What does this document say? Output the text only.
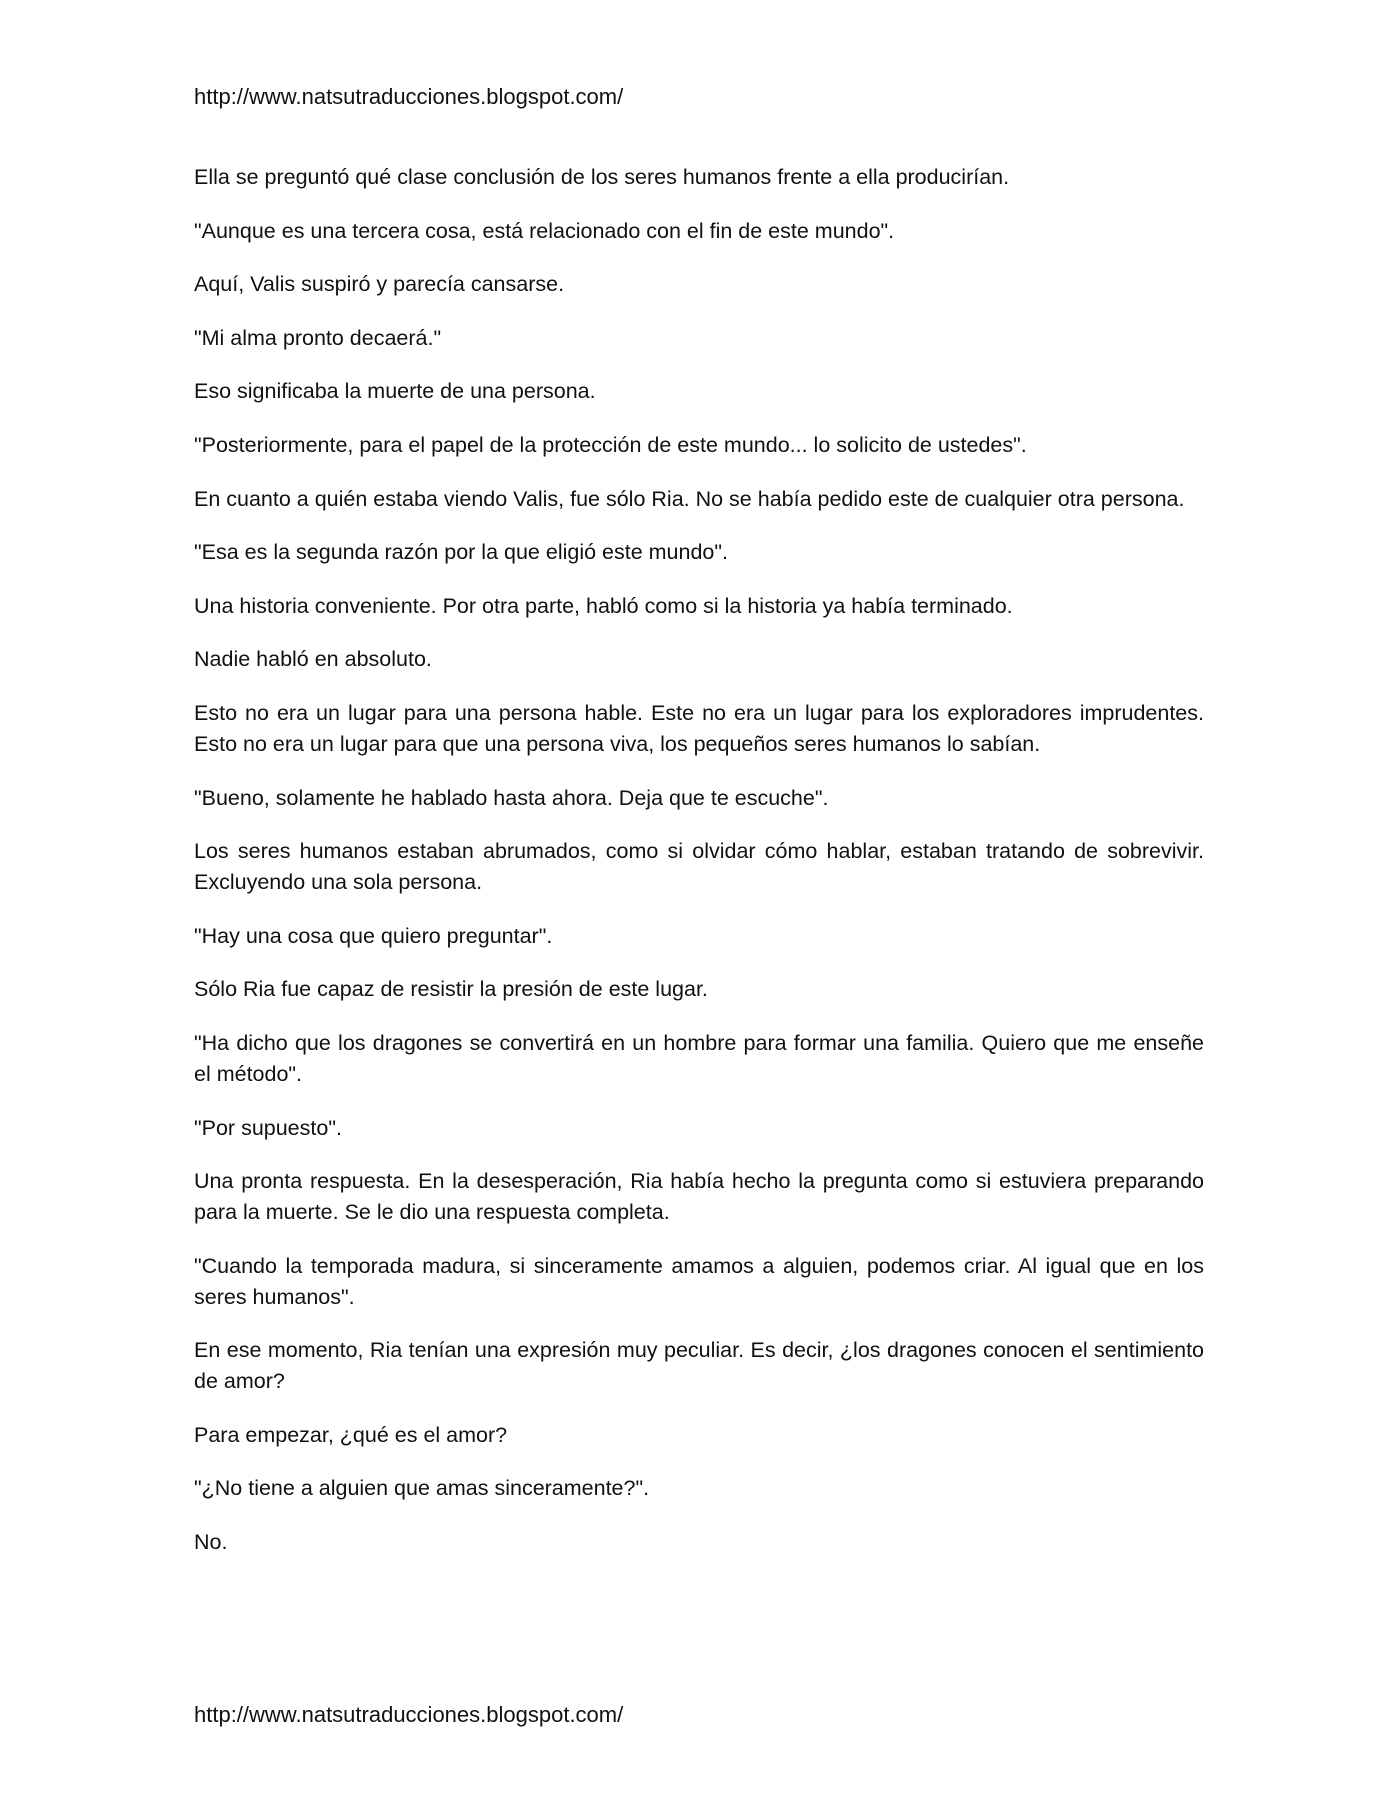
http://www.natsutraducciones.blogspot.com/

Ella se preguntó qué clase conclusión de los seres humanos frente a ella producirían.

"Aunque es una tercera cosa, está relacionado con el fin de este mundo".

Aquí, Valis suspiró y parecía cansarse.

"Mi alma pronto decaerá."

Eso significaba la muerte de una persona.

"Posteriormente, para el papel de la protección de este mundo... lo solicito de ustedes".

En cuanto a quién estaba viendo Valis, fue sólo Ria. No se había pedido este de cualquier otra persona.

"Esa es la segunda razón por la que eligió este mundo".

Una historia conveniente. Por otra parte, habló como si la historia ya había terminado.

Nadie habló en absoluto.

Esto no era un lugar para una persona hable. Este no era un lugar para los exploradores imprudentes. Esto no era un lugar para que una persona viva, los pequeños seres humanos lo sabían.

"Bueno, solamente he hablado hasta ahora. Deja que te escuche".

Los seres humanos estaban abrumados, como si olvidar cómo hablar, estaban tratando de sobrevivir. Excluyendo una sola persona.

"Hay una cosa que quiero preguntar".

Sólo Ria fue capaz de resistir la presión de este lugar.

"Ha dicho que los dragones se convertirá en un hombre para formar una familia. Quiero que me enseñe el método".

"Por supuesto".

Una pronta respuesta. En la desesperación, Ria había hecho la pregunta como si estuviera preparando para la muerte. Se le dio una respuesta completa.

"Cuando la temporada madura, si sinceramente amamos a alguien, podemos criar. Al igual que en los seres humanos".

En ese momento, Ria tenían una expresión muy peculiar. Es decir, ¿los dragones conocen el sentimiento de amor?

Para empezar, ¿qué es el amor?

"¿No tiene a alguien que amas sinceramente?".

No.

http://www.natsutraducciones.blogspot.com/
